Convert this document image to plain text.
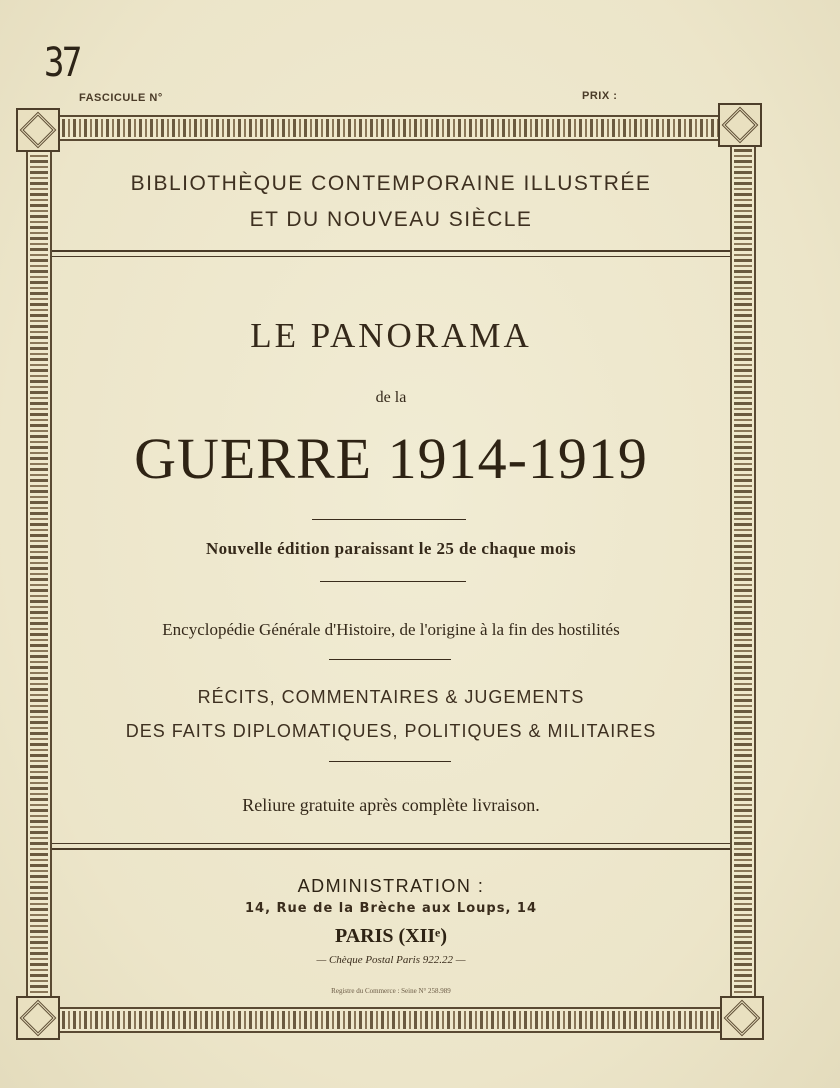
37
FASCICULE N°	PRIX :
BIBLIOTHÈQUE CONTEMPORAINE ILLUSTRÉE
ET DU NOUVEAU SIÈCLE
LE PANORAMA
de la
GUERRE 1914-1919
Nouvelle édition paraissant le 25 de chaque mois
Encyclopédie Générale d'Histoire, de l'origine à la fin des hostilités
RÉCITS, COMMENTAIRES & JUGEMENTS
DES FAITS DIPLOMATIQUES, POLITIQUES & MILITAIRES
Reliure gratuite après complète livraison.
ADMINISTRATION :
14, Rue de la Brèche aux Loups, 14
PARIS (XIIᵉ)
— Chèque Postal Paris 922.22 —
Registre du Commerce : Seine N° 258.989
